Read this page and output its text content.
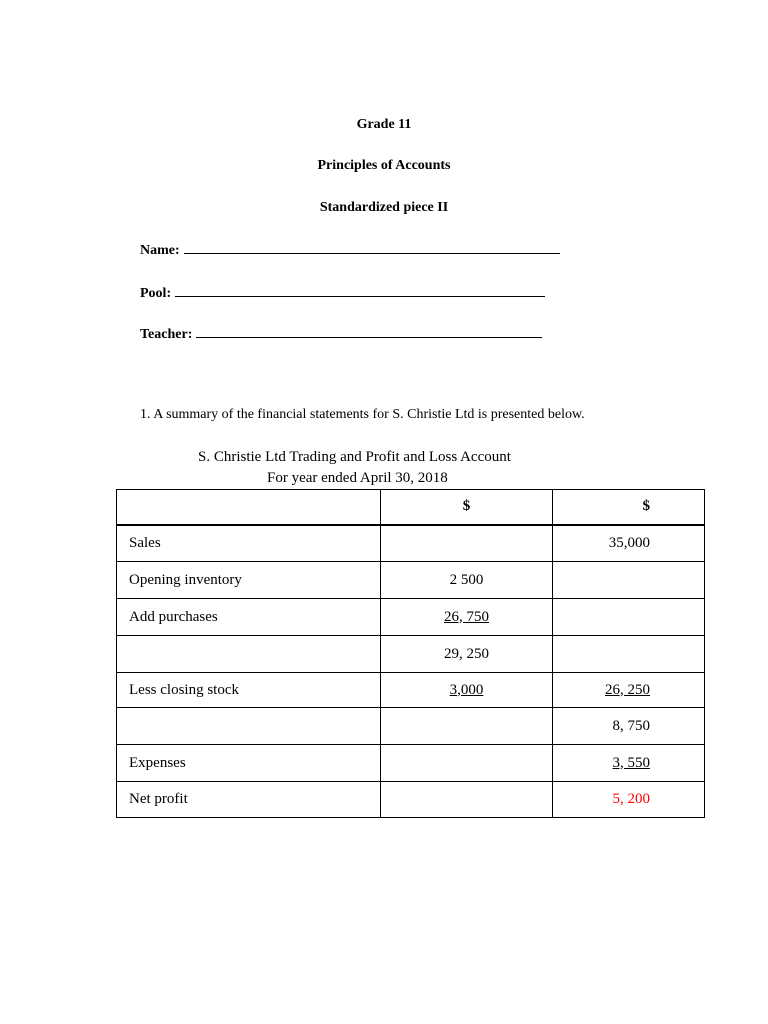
Grade 11
Principles of Accounts
Standardized piece II
Name:
Pool:
Teacher:
1. A summary of the financial statements for S. Christie Ltd is presented below.
S. Christie Ltd Trading and Profit and Loss Account
For year ended April 30, 2018
	$	$
Sales		35,000
Opening inventory	2 500	
Add purchases	26, 750	
	29, 250	
Less closing stock	3,000	26, 250
		8, 750
Expenses		3, 550
Net profit		5, 200
